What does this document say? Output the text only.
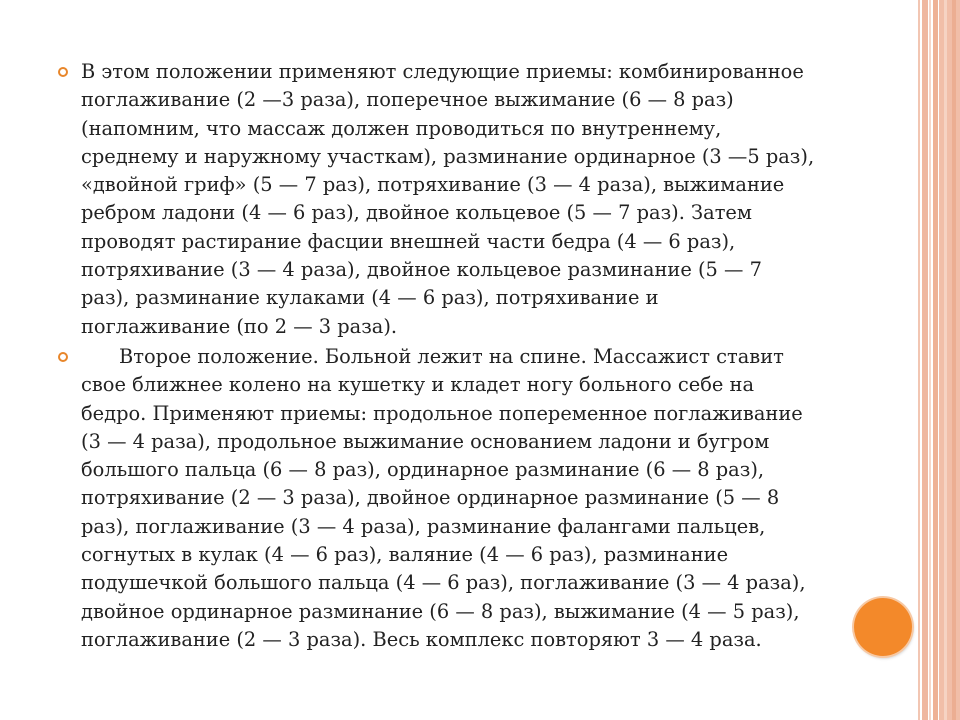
В этом положении применяют следующие приемы: комбинированное
поглаживание (2 —3 раза), поперечное выжимание (6 — 8 раз)
(напомним, что массаж должен проводиться по внутреннему,
среднему и наружному участкам), разминание ординарное (3 —5 раз),
«двойной гриф» (5 — 7 раз), потряхивание (3 — 4 раза), выжимание
ребром ладони (4 — 6 раз), двойное кольцевое (5 — 7 раз). Затем
проводят растирание фасции внешней части бедра (4 — 6 раз),
потряхивание (3 — 4 раза), двойное кольцевое разминание (5 — 7
раз), разминание кулаками (4 — 6 раз), потряхивание и
поглаживание (по 2 — 3 раза).
Второе положение. Больной лежит на спине. Массажист ставит
свое ближнее колено на кушетку и кладет ногу больного себе на
бедро. Применяют приемы: продольное попеременное поглаживание
(3 — 4 раза), продольное выжимание основанием ладони и бугром
большого пальца (6 — 8 раз), ординарное разминание (6 — 8 раз),
потряхивание (2 — 3 раза), двойное ординарное разминание (5 — 8
раз), поглаживание (3 — 4 раза), разминание фалангами пальцев,
согнутых в кулак (4 — 6 раз), валяние (4 — 6 раз), разминание
подушечкой большого пальца (4 — 6 раз), поглаживание (3 — 4 раза),
двойное ординарное разминание (6 — 8 раз), выжимание (4 — 5 раз),
поглаживание (2 — 3 раза). Весь комплекс повторяют 3 — 4 раза.
